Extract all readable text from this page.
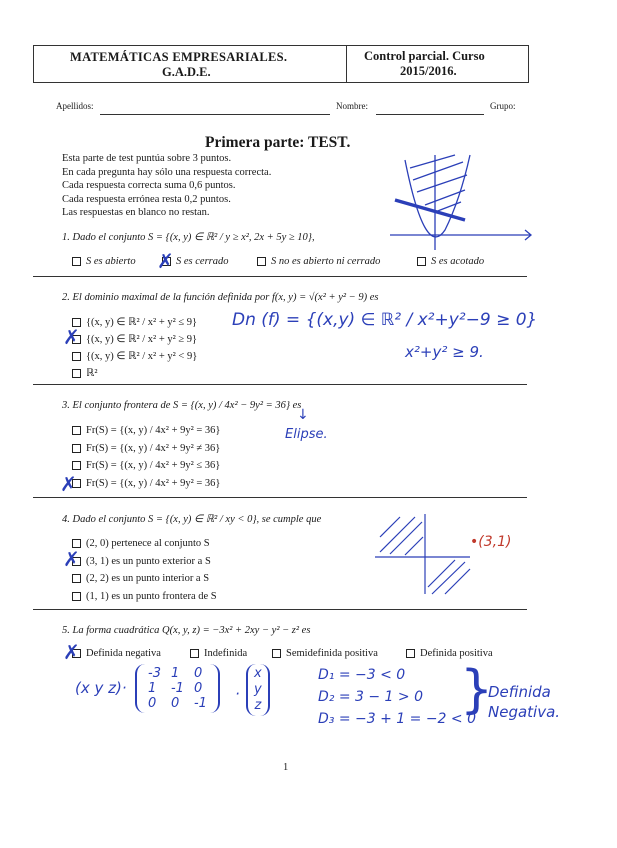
MATEMÁTICAS EMPRESARIALES.
G.A.D.E.
Control parcial. Curso
2015/2016.
Apellidos:	Nombre:	Grupo:
Primera parte: TEST.
Esta parte de test puntúa sobre 3 puntos.
En cada pregunta hay sólo una respuesta correcta.
Cada respuesta correcta suma 0,6 puntos.
Cada respuesta errónea resta 0,2 puntos.
Las respuestas en blanco no restan.
1. Dado el conjunto S = {(x, y) ∈ ℝ² / y ≥ x², 2x + 5y ≥ 10},
S es abierto	S es cerrado	S no es abierto ni cerrado	S es acotado
✗
2. El dominio maximal de la función definida por f(x, y) = √(x² + y² − 9) es
{(x, y) ∈ ℝ² / x² + y² ≤ 9}
{(x, y) ∈ ℝ² / x² + y² ≥ 9}
{(x, y) ∈ ℝ² / x² + y² < 9}
ℝ²
✗
Dn (f) = {(x,y) ∈ ℝ² / x²+y²−9 ≥ 0}
x²+y² ≥ 9.
3. El conjunto frontera de S = {(x, y) / 4x² − 9y² = 36} es
Fr(S) = {(x, y) / 4x² + 9y² = 36}
Fr(S) = {(x, y) / 4x² + 9y² ≠ 36}
Fr(S) = {(x, y) / 4x² + 9y² ≤ 36}
Fr(S) = {(x, y) / 4x² + 9y² = 36}
✗
↓
Elipse.
4. Dado el conjunto S = {(x, y) ∈ ℝ² / xy < 0}, se cumple que
(2, 0) pertenece al conjunto S
(3, 1) es un punto exterior a S
(2, 2) es un punto interior a S
(1, 1) es un punto frontera de S
✗
•(3,1)
5. La forma cuadrática Q(x, y, z) = −3x² + 2xy − y² − z² es
Definida negativa	Indefinida	Semidefinida positiva	Definida positiva
✗
(x y z)·
-3	1	0
1	-1	0
0	0	-1
·
x
y
z
D₁ = −3 < 0
D₂ = 3 − 1 > 0
D₃ = −3 + 1 = −2 < 0
}
Definida
Negativa.
1
